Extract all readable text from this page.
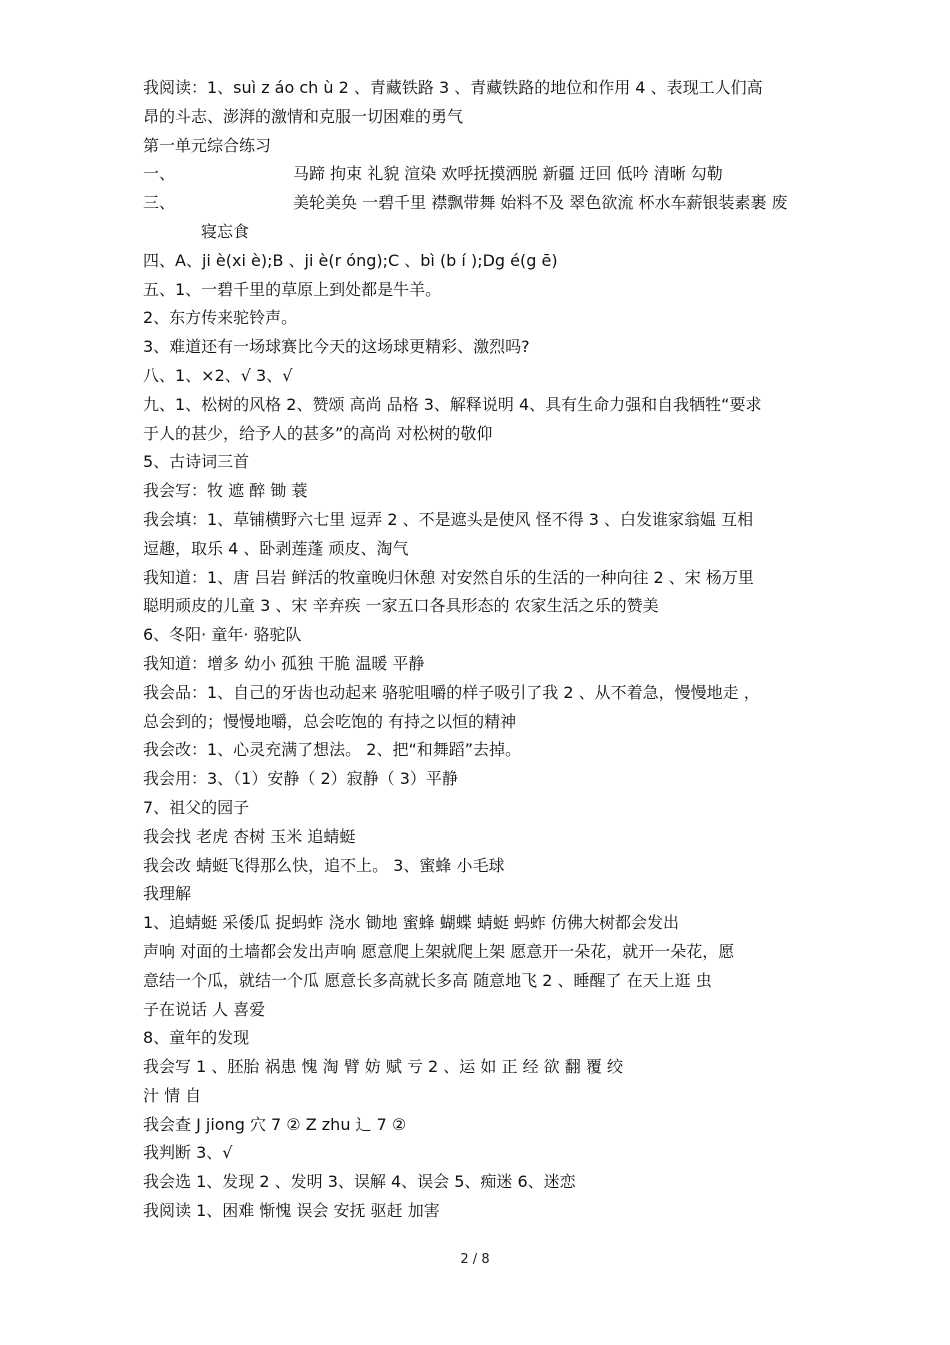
我阅读：1、suì z áo ch ù 2 、青藏铁路 3 、青藏铁路的地位和作用 4 、表现工人们高
昂的斗志、澎湃的激情和克服一切困难的勇气
第一单元综合练习
一、	马蹄 拘束 礼貌 渲染 欢呼抚摸洒脱 新疆 迂回 低吟 清晰 勾勒
三、	美轮美奂 一碧千里 襟飘带舞 始料不及 翠色欲流 杯水车薪银装素裹 废
寝忘食
四、A、ji è(xi è);B 、ji è(r óng);C 、bì (b í );Dg é(g ē)
五、1、一碧千里的草原上到处都是牛羊。
2、东方传来驼铃声。
3、难道还有一场球赛比今天的这场球更精彩、激烈吗?
八、1、×2、√ 3、√
九、1、松树的风格 2、赞颂 高尚 品格 3、解释说明 4、具有生命力强和自我牺牲“要求
于人的甚少，给予人的甚多”的高尚 对松树的敬仰
5、古诗词三首
我会写：牧 遮 醉 锄 蓑
我会填：1、草铺横野六七里 逗弄 2 、不是遮头是使风 怪不得 3 、白发谁家翁媪 互相
逗趣，取乐 4 、卧剥莲蓬 顽皮、淘气
我知道：1、唐 吕岩 鲜活的牧童晚归休憩 对安然自乐的生活的一种向往 2 、宋 杨万里
聪明顽皮的儿童 3 、宋 辛弃疾 一家五口各具形态的 农家生活之乐的赞美
6、冬阳· 童年· 骆驼队
我知道：增多 幼小 孤独 干脆 温暖 平静
我会品：1、自己的牙齿也动起来 骆驼咀嚼的样子吸引了我 2 、从不着急，慢慢地走 ，
总会到的；慢慢地嚼，总会吃饱的 有持之以恒的精神
我会改：1、心灵充满了想法。 2、把“和舞蹈”去掉。
我会用：3、（1）安静（ 2）寂静（ 3）平静
7、祖父的园子
我会找 老虎 杏树 玉米 追蜻蜓
我会改 蜻蜓飞得那么快，追不上。 3、蜜蜂 小毛球
我理解
1、追蜻蜓 采倭瓜 捉蚂蚱 浇水 锄地 蜜蜂 蝴蝶 蜻蜓 蚂蚱 仿佛大树都会发出
声响 对面的土墙都会发出声响 愿意爬上架就爬上架 愿意开一朵花，就开一朵花，愿
意结一个瓜，就结一个瓜 愿意长多高就长多高 随意地飞 2 、睡醒了 在天上逛 虫
子在说话 人 喜爱
8、童年的发现
我会写 1 、胚胎 祸患 愧 淘 臂 妨 赋 亏 2 、运 如 正 经 欲 翻 覆 绞
汁 情 自
我会查 J jiong 穴 7 ② Z zhu 辶 7 ②
我判断 3、√
我会选 1、发现 2 、发明 3、误解 4、误会 5、痴迷 6、迷恋
我阅读 1、困难 惭愧 误会 安抚 驱赶 加害
2 / 8
